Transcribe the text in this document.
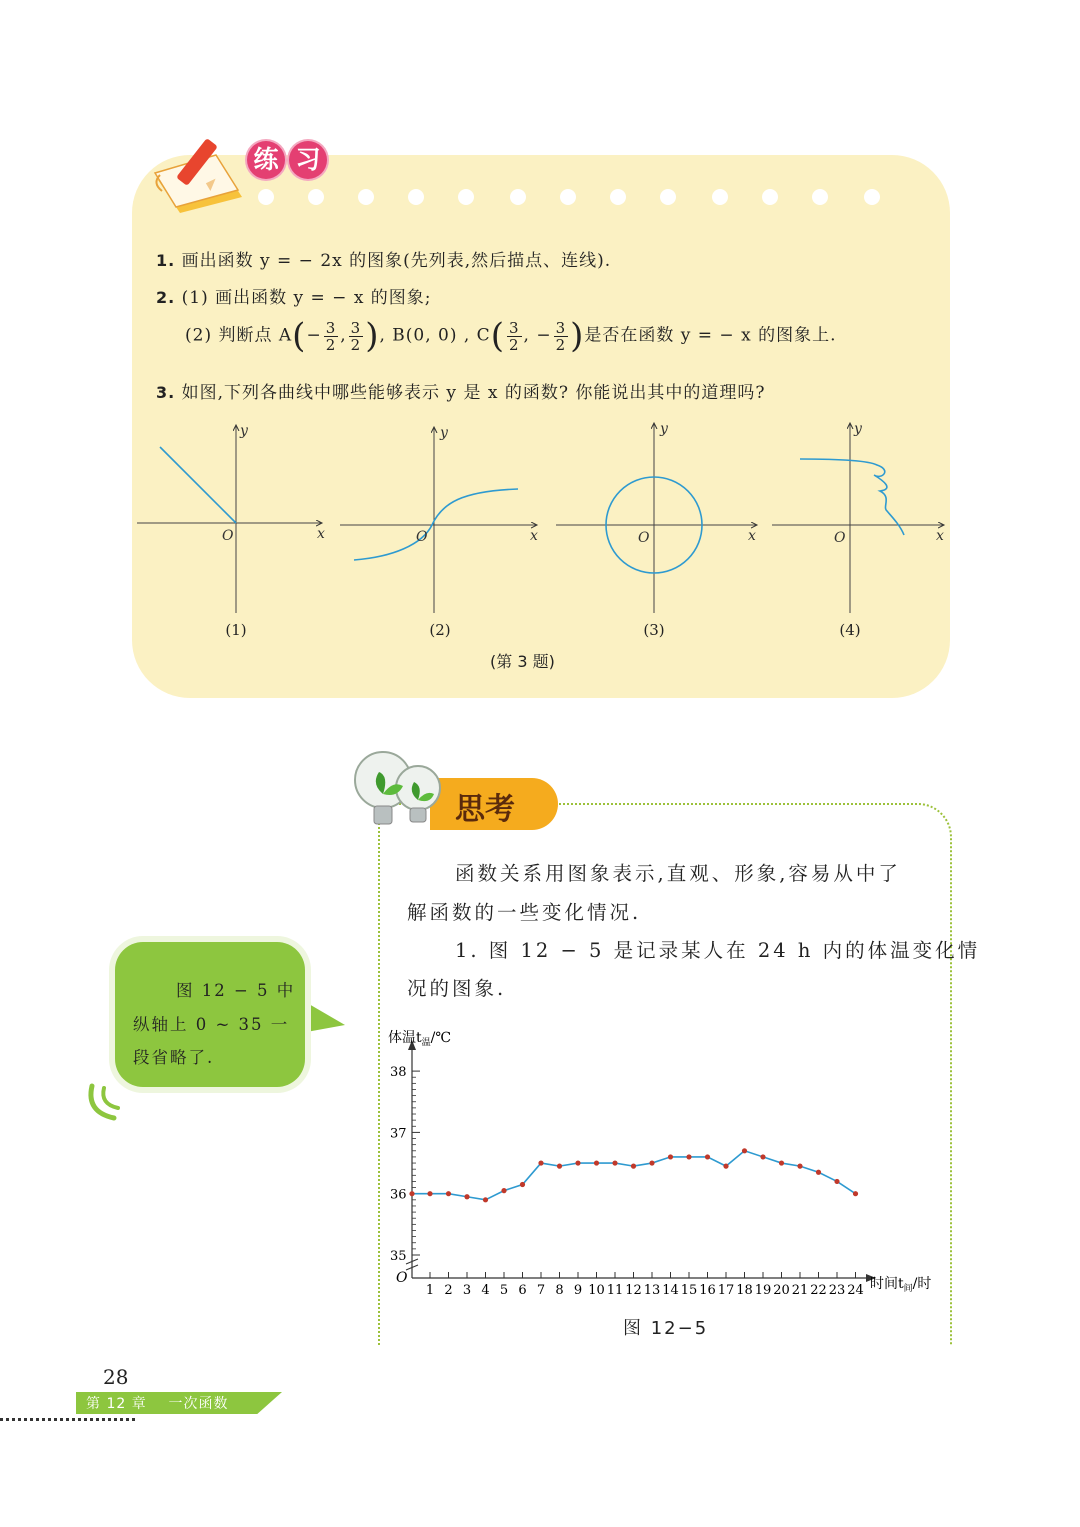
练 习
1. 画出函数 y = − 2x 的图象(先列表,然后描点、连线).
2. (1) 画出函数 y = − x 的图象;
(2) 判断点 $A(- \frac{3}{2}$ , $\frac{3}{2}$ ), B(0, 0) , $C( \frac{3}{2}$ , − $\frac{3}{2}$ )是否在函数 y = − x 的图象上.
3. 如图,下列各曲线中哪些能够表示 y 是 x 的函数? 你能说出其中的道理吗?
y
x
O
y
x
O
y
x
O
y
x
O
(1)	(2)	(3)	(4)
(第 3 题)
思考
函数关系用图象表示,直观、形象,容易从中了
解函数的一些变化情况.
1. 图 12 − 5 是记录某人在 24 h 内的体温变化情
况的图象.
图 12 − 5 中
纵轴上 0 ~ 35 一
段省略了.
35
36
37
38
1 2 3 4 5 6 7 8 9 10 11 12 13 14 15 16 17 18 19 20 21 22 23 24
体温$t_温/℃$
时间$t_间/$时
O
图 12−5
28
第 12 章    一次函数
